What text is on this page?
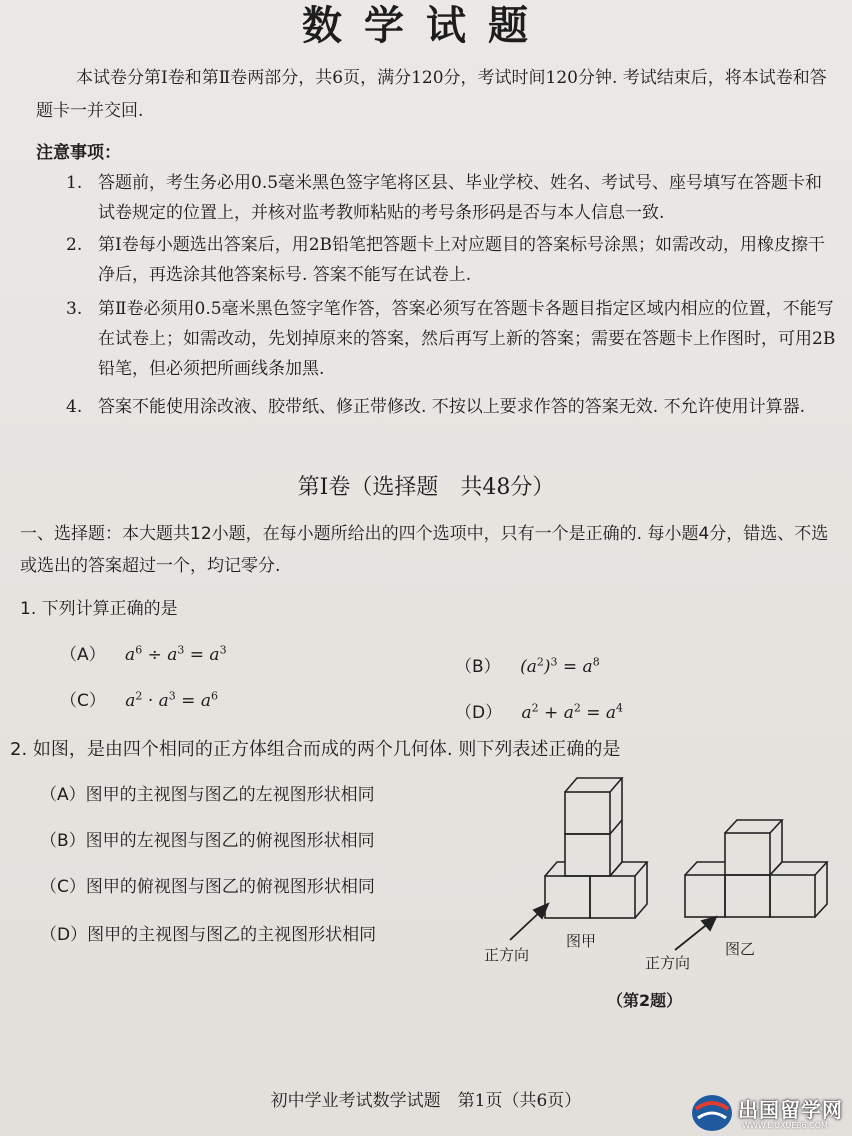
数学试题
本试卷分第Ⅰ卷和第Ⅱ卷两部分，共6页，满分120分，考试时间120分钟. 考试结束后，将本试卷和答题卡一并交回.
注意事项：
1. 答题前，考生务必用0.5毫米黑色签字笔将区县、毕业学校、姓名、考试号、座号填写在答题卡和试卷规定的位置上，并核对监考教师粘贴的考号条形码是否与本人信息一致.
2. 第Ⅰ卷每小题选出答案后，用2B铅笔把答题卡上对应题目的答案标号涂黑；如需改动，用橡皮擦干净后，再选涂其他答案标号. 答案不能写在试卷上.
3. 第Ⅱ卷必须用0.5毫米黑色签字笔作答，答案必须写在答题卡各题目指定区域内相应的位置，不能写在试卷上；如需改动，先划掉原来的答案，然后再写上新的答案；需要在答题卡上作图时，可用2B铅笔，但必须把所画线条加黑.
4. 答案不能使用涂改液、胶带纸、修正带修改. 不按以上要求作答的答案无效. 不允许使用计算器.
第Ⅰ卷（选择题　共48分）
一、选择题：本大题共12小题，在每小题所给出的四个选项中，只有一个是正确的. 每小题4分，错选、不选或选出的答案超过一个，均记零分.
1. 下列计算正确的是
（A） $a^6 \div a^3 = a^3$
（B） $(a^2)^3 = a^8$
（C） $a^2 \cdot a^3 = a^6$
（D） $a^2 + a^2 = a^4$
2. 如图，是由四个相同的正方体组合而成的两个几何体. 则下列表述正确的是
（A）图甲的主视图与图乙的左视图形状相同
（B）图甲的左视图与图乙的俯视图形状相同
（C）图甲的俯视图与图乙的俯视图形状相同
（D）图甲的主视图与图乙的主视图形状相同	图甲
正方向	图乙
正方向
（第2题）
初中学业考试数学试题　第1页（共6页）	出国留学网
WWW.LIUXUE86.COM
